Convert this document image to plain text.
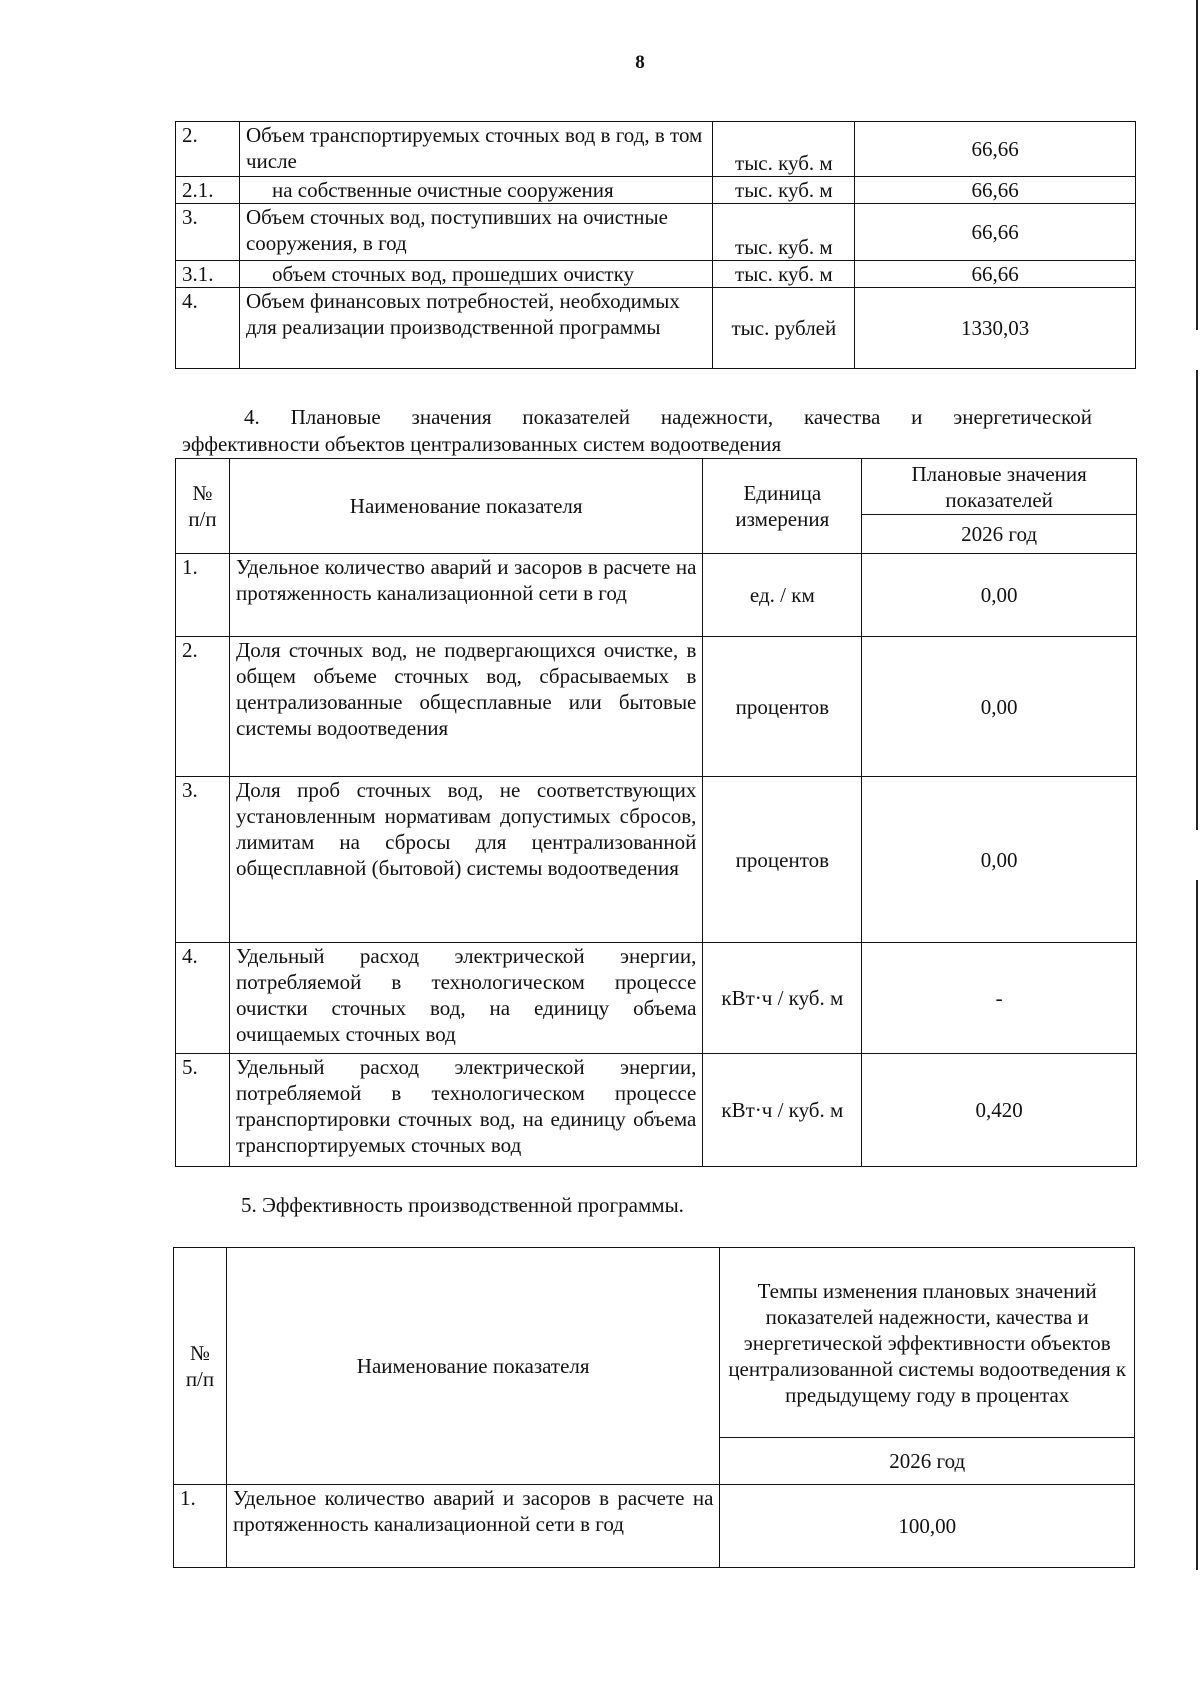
8
2.	Объем транспортируемых сточных вод в год, в том числе	тыс. куб. м	66,66
2.1.	на собственные очистные сооружения	тыс. куб. м	66,66
3.	Объем сточных вод, поступивших на очистные сооружения, в год	тыс. куб. м	66,66
3.1.	объем сточных вод, прошедших очистку	тыс. куб. м	66,66
4.	Объем финансовых потребностей, необходимых для реализации производственной программы	тыс. рублей	1330,03
4. Плановые значения показателей надежности, качества и энергетической
эффективности объектов централизованных систем водоотведения
№ п/п	Наименование показателя	Единица измерения	Плановые значения показателей
			2026 год
1.	Удельное количество аварий и засоров в расчете на протяженность канализационной сети в год	ед. / км	0,00
2.	Доля сточных вод, не подвергающихся очистке, в общем объеме сточных вод, сбрасываемых в централизованные общесплавные или бытовые системы водоотведения	процентов	0,00
3.	Доля проб сточных вод, не соответствующих установленным нормативам допустимых сбросов, лимитам на сбросы для централизованной общесплавной (бытовой) системы водоотведения	процентов	0,00
4.	Удельный расход электрической энергии, потребляемой в технологическом процессе очистки сточных вод, на единицу объема очищаемых сточных вод	кВт·ч / куб. м	-
5.	Удельный расход электрической энергии, потребляемой в технологическом процессе транспортировки сточных вод, на единицу объема транспортируемых сточных вод	кВт·ч / куб. м	0,420
5. Эффективность производственной программы.
№ п/п	Наименование показателя	Темпы изменения плановых значений показателей надежности, качества и энергетической эффективности объектов централизованной системы водоотведения к предыдущему году в процентах
		2026 год
1.	Удельное количество аварий и засоров в расчете на протяженность канализационной сети в год	100,00
